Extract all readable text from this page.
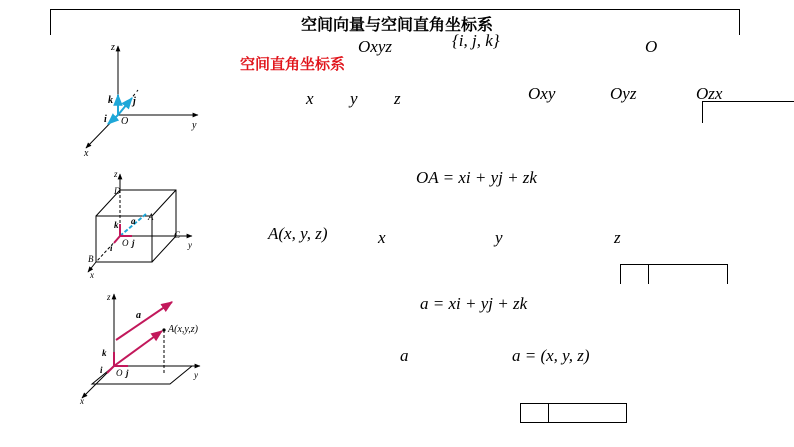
空间向量与空间直角坐标系
空间直角坐标系
Oxyz	{i, j, k}	O
x y z	Oxy	Oyz	Ozx
OA = xi + yj + zk
A(x, y, z)	x	y	z
a = xi + yj + zk
a	a = (x, y, z)
z
y
x
k j
i O
z
y
x
D
a A
C
B
k
j
i O
z
y
x
a
A(x,y,z)
k
j
i O
